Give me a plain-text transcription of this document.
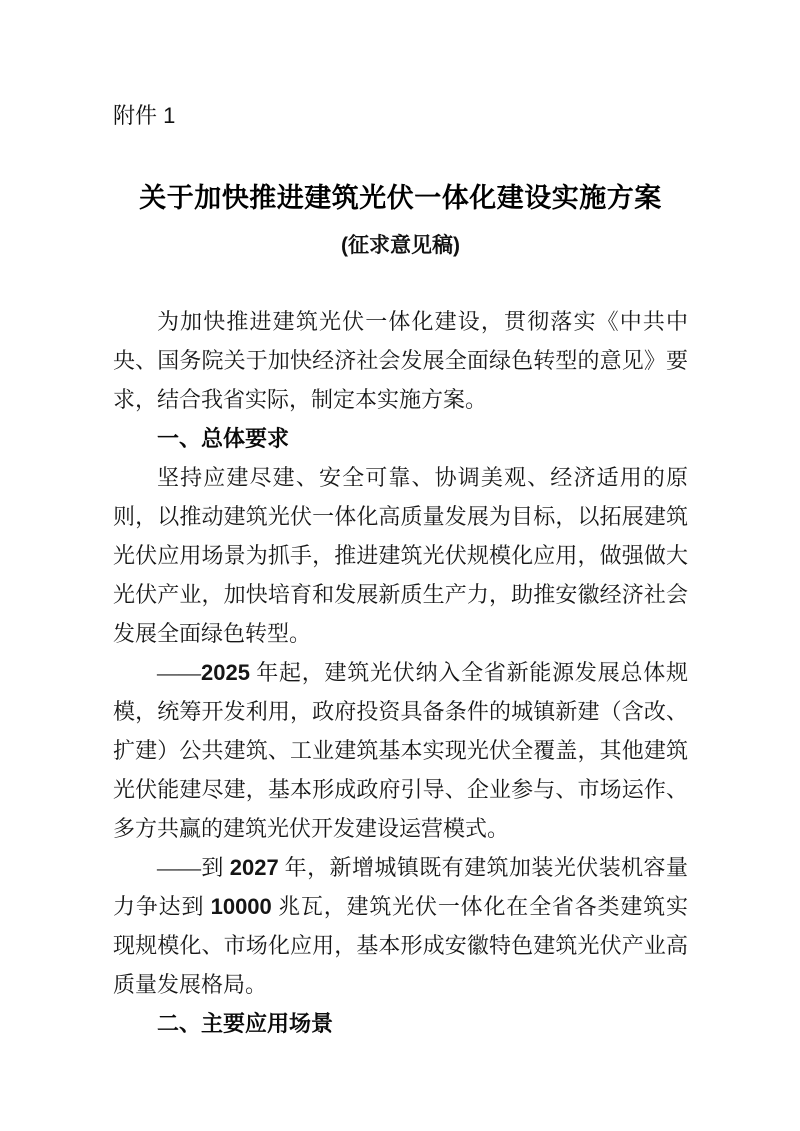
附件 1
关于加快推进建筑光伏一体化建设实施方案
(征求意见稿)

为加快推进建筑光伏一体化建设，贯彻落实《中共中央、国务院关于加快经济社会发展全面绿色转型的意见》要求，结合我省实际，制定本实施方案。

一、总体要求

坚持应建尽建、安全可靠、协调美观、经济适用的原则，以推动建筑光伏一体化高质量发展为目标，以拓展建筑光伏应用场景为抓手，推进建筑光伏规模化应用，做强做大光伏产业，加快培育和发展新质生产力，助推安徽经济社会发展全面绿色转型。

——2025 年起，建筑光伏纳入全省新能源发展总体规模，统筹开发利用，政府投资具备条件的城镇新建（含改、扩建）公共建筑、工业建筑基本实现光伏全覆盖，其他建筑光伏能建尽建，基本形成政府引导、企业参与、市场运作、多方共赢的建筑光伏开发建设运营模式。

——到 2027 年，新增城镇既有建筑加装光伏装机容量力争达到 10000 兆瓦，建筑光伏一体化在全省各类建筑实现规模化、市场化应用，基本形成安徽特色建筑光伏产业高质量发展格局。

二、主要应用场景
